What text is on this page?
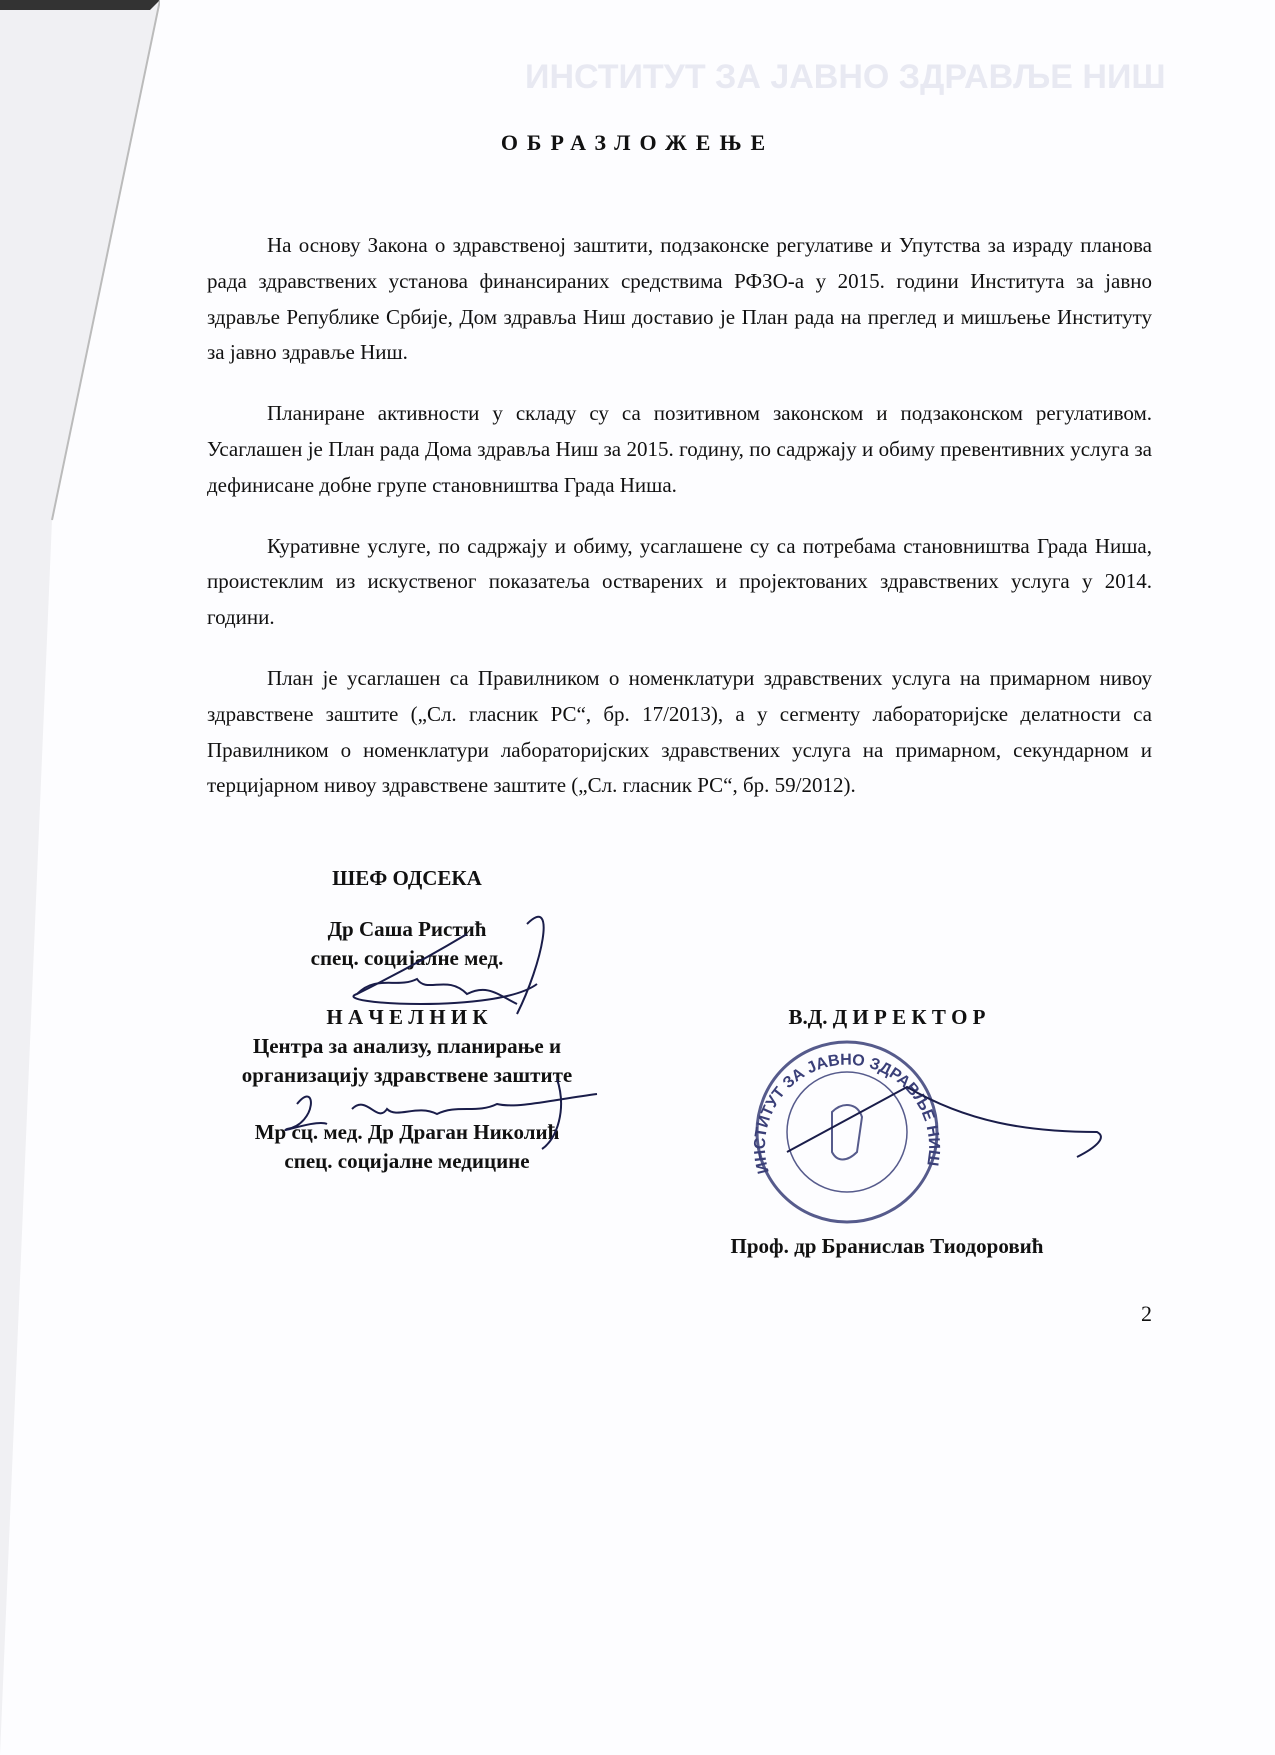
ИНСТИТУТ ЗА ЈАВНО ЗДРАВЉЕ НИШ
ОБРАЗЛОЖЕЊЕ

На основу Закона о здравственој заштити, подзаконске регулативе и Упутства за израду планова рада здравствених установа финансираних средствима РФЗО-а у 2015. години Института за јавно здравље Републике Србије, Дом здравља Ниш доставио је План рада на преглед и мишљење Институту за јавно здравље Ниш.

Планиране активности у складу су са позитивном законском и подзаконском регулативом. Усаглашен је План рада Дома здравља Ниш за 2015. годину, по садржају и обиму превентивних услуга за дефинисане добне групе становништва Града Ниша.

Куративне услуге, по садржају и обиму, усаглашене су са потребама становништва Града Ниша, проистеклим из искуственог показатеља остварених и пројектованих здравствених услуга у 2014. години.

План је усаглашен са Правилником о номенклатури здравствених услуга на примарном нивоу здравствене заштите („Сл. гласник РС“, бр. 17/2013), а у сегменту лабораторијске делатности са Правилником о номенклатури лабораторијских здравствених услуга на примарном, секундарном и терцијарном нивоу здравствене заштите („Сл. гласник РС“, бр. 59/2012).

ШЕФ ОДСЕКА
Др Саша Ристић
спец. социјалне мед.
Н А Ч Е Л Н И К
Центра за анализу, планирање и
организацију здравствене заштите
Мр сц. мед. Др Драган Николић
спец. социјалне медицине
В.Д. Д И Р Е К Т О Р
ИНСТИТУТ ЗА ЈАВНО ЗДРАВЉЕ НИШ
Проф. др Бранислав Тиодоровић
2
